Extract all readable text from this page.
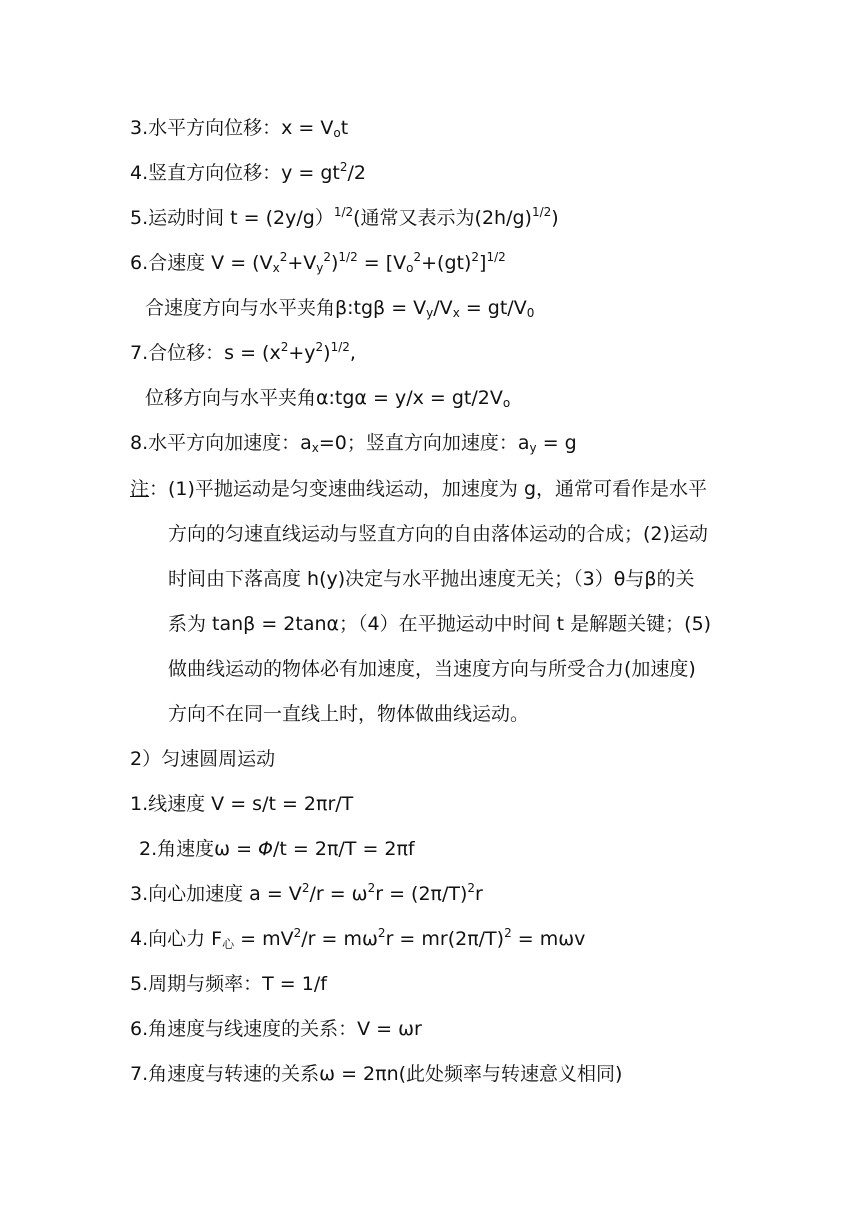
3.水平方向位移：$x = V_ot$
4.竖直方向位移：$y = gt^2/2$
5.运动时间 t = (2y/g）$^{1/2}$(通常又表示为$(2h/g)^{1/2}$)
6.合速度 $V = (V_x^2+V_y^2)^{1/2} = [V_o^2+(gt)^2]^{1/2}$
合速度方向与水平夹角β:tgβ = $V_y/V_x = gt/V_0$
7.合位移：$s = (x^2+y^2)^{1/2}$,
位移方向与水平夹角α:tgα = $y/x = gt/2V_o$
8.水平方向加速度：$a_x=0$；竖直方向加速度：$a_y = g$
注：(1)平抛运动是匀变速曲线运动，加速度为 g，通常可看作是水平
方向的匀速直线运动与竖直方向的自由落体运动的合成；(2)运动
时间由下落高度 h(y)决定与水平抛出速度无关；（3）θ与β的关
系为 tanβ = 2tanα；（4）在平抛运动中时间 t 是解题关键；(5)
做曲线运动的物体必有加速度，当速度方向与所受合力(加速度)
方向不在同一直线上时，物体做曲线运动。
2）匀速圆周运动
1.线速度 V = s/t = 2πr/T
2.角速度ω = Φ/t = 2π/T = 2πf
3.向心加速度 $a = V^2/r = \omega^2r = (2\pi/T)^2r$
4.向心力 $F_心 = mV^2/r = m\omega^2r = mr(2\pi/T)^2 = m\omega v$
5.周期与频率：T = 1/f
6.角速度与线速度的关系：V = ωr
7.角速度与转速的关系ω = 2πn(此处频率与转速意义相同)
